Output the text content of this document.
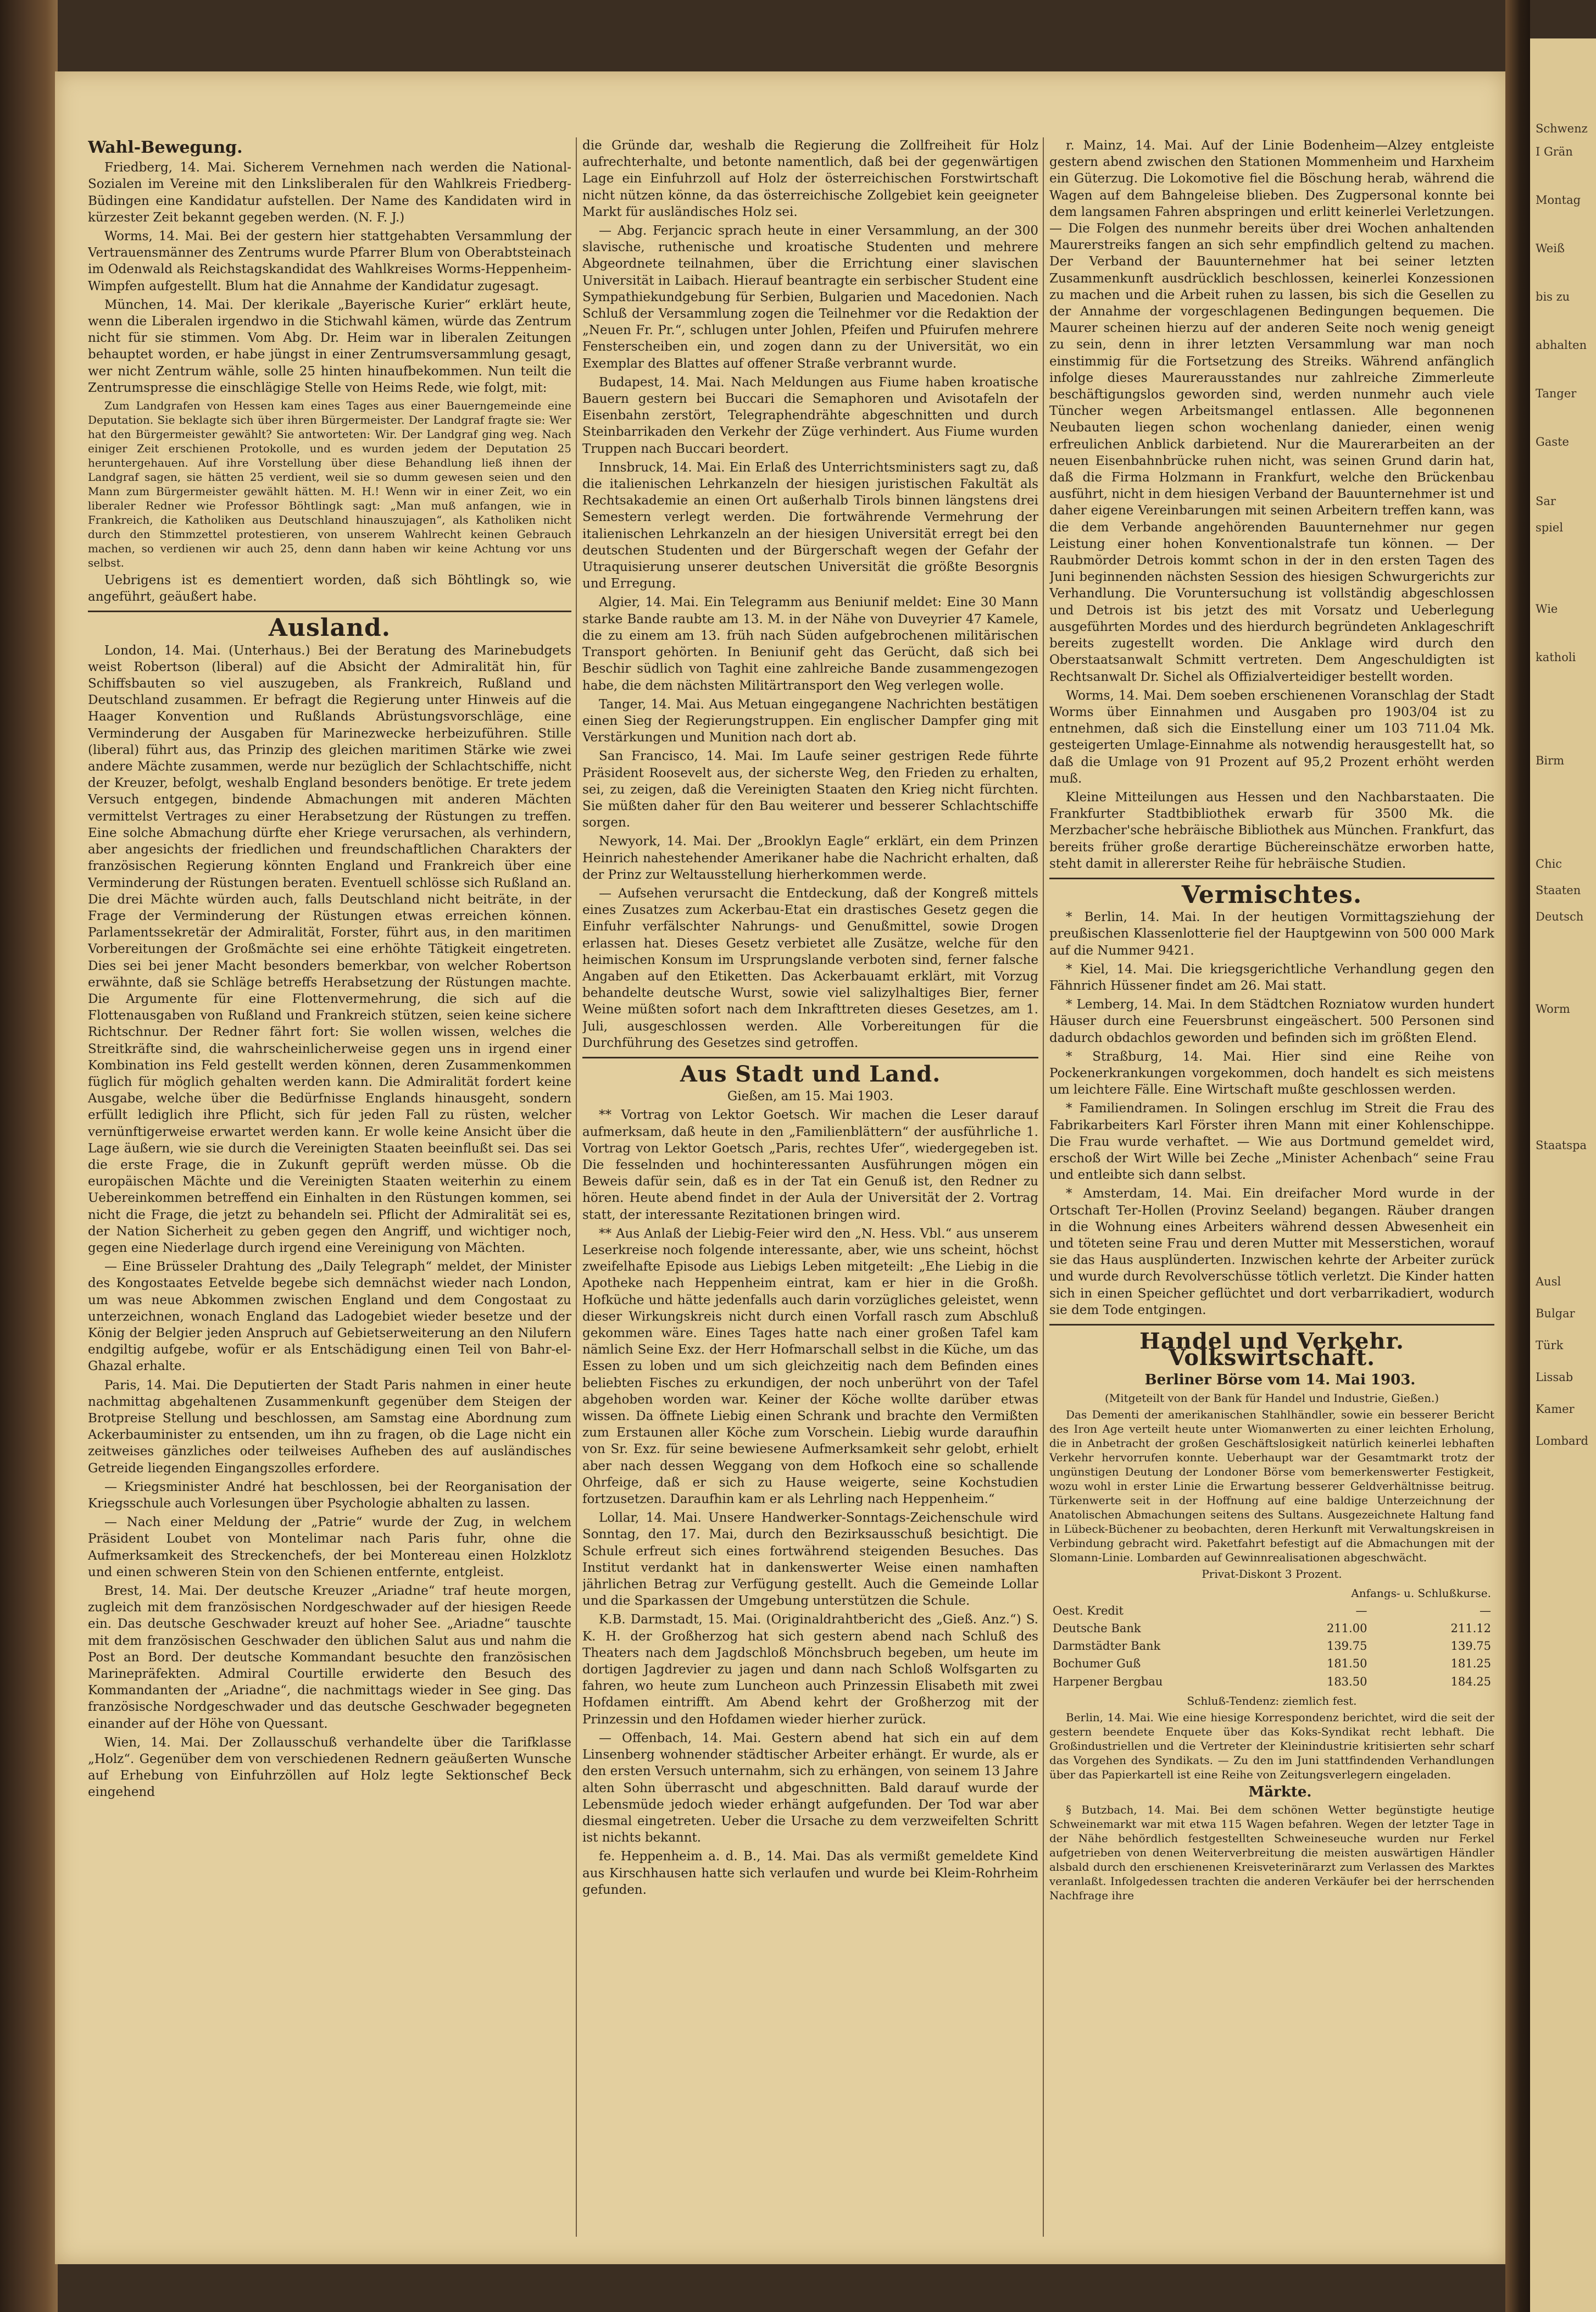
Wahl-Bewegung.

Friedberg, 14. Mai. Sicherem Vernehmen nach werden die National-Sozialen im Vereine mit den Linksliberalen für den Wahlkreis Friedberg-Büdingen eine Kandidatur aufstellen. Der Name des Kandidaten wird in kürzester Zeit bekannt gegeben werden. (N. F. J.)

Worms, 14. Mai. Bei der gestern hier stattgehabten Versammlung der Vertrauensmänner des Zentrums wurde Pfarrer Blum von Oberabtsteinach im Odenwald als Reichstagskandidat des Wahlkreises Worms-Heppenheim-Wimpfen aufgestellt. Blum hat die Annahme der Kandidatur zugesagt.

München, 14. Mai. Der klerikale „Bayerische Kurier“ erklärt heute, wenn die Liberalen irgendwo in die Stichwahl kämen, würde das Zentrum nicht für sie stimmen. Vom Abg. Dr. Heim war in liberalen Zeitungen behauptet worden, er habe jüngst in einer Zentrumsversammlung gesagt, wer nicht Zentrum wähle, solle 25 hinten hinaufbekommen. Nun teilt die Zentrumspresse die einschlägige Stelle von Heims Rede, wie folgt, mit:

Zum Landgrafen von Hessen kam eines Tages aus einer Bauerngemeinde eine Deputation. Sie beklagte sich über ihren Bürgermeister. Der Landgraf fragte sie: Wer hat den Bürgermeister gewählt? Sie antworteten: Wir. Der Landgraf ging weg. Nach einiger Zeit erschienen Protokolle, und es wurden jedem der Deputation 25 heruntergehauen. Auf ihre Vorstellung über diese Behandlung ließ ihnen der Landgraf sagen, sie hätten 25 verdient, weil sie so dumm gewesen seien und den Mann zum Bürgermeister gewählt hätten. M. H.! Wenn wir in einer Zeit, wo ein liberaler Redner wie Professor Böhtlingk sagt: „Man muß anfangen, wie in Frankreich, die Katholiken aus Deutschland hinauszujagen“, als Katholiken nicht durch den Stimmzettel protestieren, von unserem Wahlrecht keinen Gebrauch machen, so verdienen wir auch 25, denn dann haben wir keine Achtung vor uns selbst.

Uebrigens ist es dementiert worden, daß sich Böhtlingk so, wie angeführt, geäußert habe.

Ausland.

London, 14. Mai. (Unterhaus.) Bei der Beratung des Marinebudgets weist Robertson (liberal) auf die Absicht der Admiralität hin, für Schiffsbauten so viel auszugeben, als Frankreich, Rußland und Deutschland zusammen. Er befragt die Regierung unter Hinweis auf die Haager Konvention und Rußlands Abrüstungsvorschläge, eine Verminderung der Ausgaben für Marinezwecke herbeizuführen. Stille (liberal) führt aus, das Prinzip des gleichen maritimen Stärke wie zwei andere Mächte zusammen, werde nur bezüglich der Schlachtschiffe, nicht der Kreuzer, befolgt, weshalb England besonders benötige. Er trete jedem Versuch entgegen, bindende Abmachungen mit anderen Mächten vermittelst Vertrages zu einer Herabsetzung der Rüstungen zu treffen. Eine solche Abmachung dürfte eher Kriege verursachen, als verhindern, aber angesichts der friedlichen und freundschaftlichen Charakters der französischen Regierung könnten England und Frankreich über eine Verminderung der Rüstungen beraten. Eventuell schlösse sich Rußland an. Die drei Mächte würden auch, falls Deutschland nicht beiträte, in der Frage der Verminderung der Rüstungen etwas erreichen können. Parlamentssekretär der Admiralität, Forster, führt aus, in den maritimen Vorbereitungen der Großmächte sei eine erhöhte Tätigkeit eingetreten. Dies sei bei jener Macht besonders bemerkbar, von welcher Robertson erwähnte, daß sie Schläge betreffs Herabsetzung der Rüstungen machte. Die Argumente für eine Flottenvermehrung, die sich auf die Flottenausgaben von Rußland und Frankreich stützen, seien keine sichere Richtschnur. Der Redner fährt fort: Sie wollen wissen, welches die Streitkräfte sind, die wahrscheinlicherweise gegen uns in irgend einer Kombination ins Feld gestellt werden können, deren Zusammenkommen füglich für möglich gehalten werden kann. Die Admiralität fordert keine Ausgabe, welche über die Bedürfnisse Englands hinausgeht, sondern erfüllt lediglich ihre Pflicht, sich für jeden Fall zu rüsten, welcher vernünftigerweise erwartet werden kann. Er wolle keine Ansicht über die Lage äußern, wie sie durch die Vereinigten Staaten beeinflußt sei. Das sei die erste Frage, die in Zukunft geprüft werden müsse. Ob die europäischen Mächte und die Vereinigten Staaten weiterhin zu einem Uebereinkommen betreffend ein Einhalten in den Rüstungen kommen, sei nicht die Frage, die jetzt zu behandeln sei. Pflicht der Admiralität sei es, der Nation Sicherheit zu geben gegen den Angriff, und wichtiger noch, gegen eine Niederlage durch irgend eine Vereinigung von Mächten.

— Eine Brüsseler Drahtung des „Daily Telegraph“ meldet, der Minister des Kongostaates Eetvelde begebe sich demnächst wieder nach London, um was neue Abkommen zwischen England und dem Congostaat zu unterzeichnen, wonach England das Ladogebiet wieder besetze und der König der Belgier jeden Anspruch auf Gebietserweiterung an den Nilufern endgiltig aufgebe, wofür er als Entschädigung einen Teil von Bahr-el-Ghazal erhalte.

Paris, 14. Mai. Die Deputierten der Stadt Paris nahmen in einer heute nachmittag abgehaltenen Zusammenkunft gegenüber dem Steigen der Brotpreise Stellung und beschlossen, am Samstag eine Abordnung zum Ackerbauminister zu entsenden, um ihn zu fragen, ob die Lage nicht ein zeitweises gänzliches oder teilweises Aufheben des auf ausländisches Getreide liegenden Eingangszolles erfordere.

— Kriegsminister André hat beschlossen, bei der Reorganisation der Kriegsschule auch Vorlesungen über Psychologie abhalten zu lassen.

— Nach einer Meldung der „Patrie“ wurde der Zug, in welchem Präsident Loubet von Montelimar nach Paris fuhr, ohne die Aufmerksamkeit des Streckenchefs, der bei Montereau einen Holzklotz und einen schweren Stein von den Schienen entfernte, entgleist.

Brest, 14. Mai. Der deutsche Kreuzer „Ariadne“ traf heute morgen, zugleich mit dem französischen Nordgeschwader auf der hiesigen Reede ein. Das deutsche Geschwader kreuzt auf hoher See. „Ariadne“ tauschte mit dem französischen Geschwader den üblichen Salut aus und nahm die Post an Bord. Der deutsche Kommandant besuchte den französischen Marinepräfekten. Admiral Courtille erwiderte den Besuch des Kommandanten der „Ariadne“, die nachmittags wieder in See ging. Das französische Nordgeschwader und das deutsche Geschwader begegneten einander auf der Höhe von Quessant.

Wien, 14. Mai. Der Zollausschuß verhandelte über die Tarifklasse „Holz“. Gegenüber dem von verschiedenen Rednern geäußerten Wunsche auf Erhebung von Einfuhrzöllen auf Holz legte Sektionschef Beck eingehend

die Gründe dar, weshalb die Regierung die Zollfreiheit für Holz aufrechterhalte, und betonte namentlich, daß bei der gegenwärtigen Lage ein Einfuhrzoll auf Holz der österreichischen Forstwirtschaft nicht nützen könne, da das österreichische Zollgebiet kein geeigneter Markt für ausländisches Holz sei.

— Abg. Ferjancic sprach heute in einer Versammlung, an der 300 slavische, ruthenische und kroatische Studenten und mehrere Abgeordnete teilnahmen, über die Errichtung einer slavischen Universität in Laibach. Hierauf beantragte ein serbischer Student eine Sympathiekundgebung für Serbien, Bulgarien und Macedonien. Nach Schluß der Versammlung zogen die Teilnehmer vor die Redaktion der „Neuen Fr. Pr.“, schlugen unter Johlen, Pfeifen und Pfuirufen mehrere Fensterscheiben ein, und zogen dann zu der Universität, wo ein Exemplar des Blattes auf offener Straße verbrannt wurde.

Budapest, 14. Mai. Nach Meldungen aus Fiume haben kroatische Bauern gestern bei Buccari die Semaphoren und Avisotafeln der Eisenbahn zerstört, Telegraphendrähte abgeschnitten und durch Steinbarrikaden den Verkehr der Züge verhindert. Aus Fiume wurden Truppen nach Buccari beordert.

Innsbruck, 14. Mai. Ein Erlaß des Unterrichtsministers sagt zu, daß die italienischen Lehrkanzeln der hiesigen juristischen Fakultät als Rechtsakademie an einen Ort außerhalb Tirols binnen längstens drei Semestern verlegt werden. Die fortwährende Vermehrung der italienischen Lehrkanzeln an der hiesigen Universität erregt bei den deutschen Studenten und der Bürgerschaft wegen der Gefahr der Utraquisierung unserer deutschen Universität die größte Besorgnis und Erregung.

Algier, 14. Mai. Ein Telegramm aus Beniunif meldet: Eine 30 Mann starke Bande raubte am 13. M. in der Nähe von Duveyrier 47 Kamele, die zu einem am 13. früh nach Süden aufgebrochenen militärischen Transport gehörten. In Beniunif geht das Gerücht, daß sich bei Beschir südlich von Taghit eine zahlreiche Bande zusammengezogen habe, die dem nächsten Militärtransport den Weg verlegen wolle.

Tanger, 14. Mai. Aus Metuan eingegangene Nachrichten bestätigen einen Sieg der Regierungstruppen. Ein englischer Dampfer ging mit Verstärkungen und Munition nach dort ab.

San Francisco, 14. Mai. Im Laufe seiner gestrigen Rede führte Präsident Roosevelt aus, der sicherste Weg, den Frieden zu erhalten, sei, zu zeigen, daß die Vereinigten Staaten den Krieg nicht fürchten. Sie müßten daher für den Bau weiterer und besserer Schlachtschiffe sorgen.

Newyork, 14. Mai. Der „Brooklyn Eagle“ erklärt, ein dem Prinzen Heinrich nahestehender Amerikaner habe die Nachricht erhalten, daß der Prinz zur Weltausstellung hierherkommen werde.

— Aufsehen verursacht die Entdeckung, daß der Kongreß mittels eines Zusatzes zum Ackerbau-Etat ein drastisches Gesetz gegen die Einfuhr verfälschter Nahrungs- und Genußmittel, sowie Drogen erlassen hat. Dieses Gesetz verbietet alle Zusätze, welche für den heimischen Konsum im Ursprungslande verboten sind, ferner falsche Angaben auf den Etiketten. Das Ackerbauamt erklärt, mit Vorzug behandelte deutsche Wurst, sowie viel salizylhaltiges Bier, ferner Weine müßten sofort nach dem Inkrafttreten dieses Gesetzes, am 1. Juli, ausgeschlossen werden. Alle Vorbereitungen für die Durchführung des Gesetzes sind getroffen.

Aus Stadt und Land.

Gießen, am 15. Mai 1903.

** Vortrag von Lektor Goetsch. Wir machen die Leser darauf aufmerksam, daß heute in den „Familienblättern“ der ausführliche 1. Vortrag von Lektor Goetsch „Paris, rechtes Ufer“, wiedergegeben ist. Die fesselnden und hochinteressanten Ausführungen mögen ein Beweis dafür sein, daß es in der Tat ein Genuß ist, den Redner zu hören. Heute abend findet in der Aula der Universität der 2. Vortrag statt, der interessante Rezitationen bringen wird.

** Aus Anlaß der Liebig-Feier wird den „N. Hess. Vbl.“ aus unserem Leserkreise noch folgende interessante, aber, wie uns scheint, höchst zweifelhafte Episode aus Liebigs Leben mitgeteilt: „Ehe Liebig in die Apotheke nach Heppenheim eintrat, kam er hier in die Großh. Hofküche und hätte jedenfalls auch darin vorzügliches geleistet, wenn dieser Wirkungskreis nicht durch einen Vorfall rasch zum Abschluß gekommen wäre. Eines Tages hatte nach einer großen Tafel kam nämlich Seine Exz. der Herr Hofmarschall selbst in die Küche, um das Essen zu loben und um sich gleichzeitig nach dem Befinden eines beliebten Fisches zu erkundigen, der noch unberührt von der Tafel abgehoben worden war. Keiner der Köche wollte darüber etwas wissen. Da öffnete Liebig einen Schrank und brachte den Vermißten zum Erstaunen aller Köche zum Vorschein. Liebig wurde daraufhin von Sr. Exz. für seine bewiesene Aufmerksamkeit sehr gelobt, erhielt aber nach dessen Weggang von dem Hofkoch eine so schallende Ohrfeige, daß er sich zu Hause weigerte, seine Kochstudien fortzusetzen. Daraufhin kam er als Lehrling nach Heppenheim.“

Lollar, 14. Mai. Unsere Handwerker-Sonntags-Zeichenschule wird Sonntag, den 17. Mai, durch den Bezirksausschuß besichtigt. Die Schule erfreut sich eines fortwährend steigenden Besuches. Das Institut verdankt hat in dankenswerter Weise einen namhaften jährlichen Betrag zur Verfügung gestellt. Auch die Gemeinde Lollar und die Sparkassen der Umgebung unterstützen die Schule.

K.B. Darmstadt, 15. Mai. (Originaldrahtbericht des „Gieß. Anz.“) S. K. H. der Großherzog hat sich gestern abend nach Schluß des Theaters nach dem Jagdschloß Mönchsbruch begeben, um heute im dortigen Jagdrevier zu jagen und dann nach Schloß Wolfsgarten zu fahren, wo heute zum Luncheon auch Prinzessin Elisabeth mit zwei Hofdamen eintrifft. Am Abend kehrt der Großherzog mit der Prinzessin und den Hofdamen wieder hierher zurück.

— Offenbach, 14. Mai. Gestern abend hat sich ein auf dem Linsenberg wohnender städtischer Arbeiter erhängt. Er wurde, als er den ersten Versuch unternahm, sich zu erhängen, von seinem 13 Jahre alten Sohn überrascht und abgeschnitten. Bald darauf wurde der Lebensmüde jedoch wieder erhängt aufgefunden. Der Tod war aber diesmal eingetreten. Ueber die Ursache zu dem verzweifelten Schritt ist nichts bekannt.

fe. Heppenheim a. d. B., 14. Mai. Das als vermißt gemeldete Kind aus Kirschhausen hatte sich verlaufen und wurde bei Kleim-Rohrheim gefunden.

r. Mainz, 14. Mai. Auf der Linie Bodenheim—Alzey entgleiste gestern abend zwischen den Stationen Mommenheim und Harxheim ein Güterzug. Die Lokomotive fiel die Böschung herab, während die Wagen auf dem Bahngeleise blieben. Des Zugpersonal konnte bei dem langsamen Fahren abspringen und erlitt keinerlei Verletzungen. — Die Folgen des nunmehr bereits über drei Wochen anhaltenden Maurerstreiks fangen an sich sehr empfindlich geltend zu machen. Der Verband der Bauunternehmer hat bei seiner letzten Zusammenkunft ausdrücklich beschlossen, keinerlei Konzessionen zu machen und die Arbeit ruhen zu lassen, bis sich die Gesellen zu der Annahme der vorgeschlagenen Bedingungen bequemen. Die Maurer scheinen hierzu auf der anderen Seite noch wenig geneigt zu sein, denn in ihrer letzten Versammlung war man noch einstimmig für die Fortsetzung des Streiks. Während anfänglich infolge dieses Maurerausstandes nur zahlreiche Zimmerleute beschäftigungslos geworden sind, werden nunmehr auch viele Tüncher wegen Arbeitsmangel entlassen. Alle begonnenen Neubauten liegen schon wochenlang danieder, einen wenig erfreulichen Anblick darbietend. Nur die Maurerarbeiten an der neuen Eisenbahnbrücke ruhen nicht, was seinen Grund darin hat, daß die Firma Holzmann in Frankfurt, welche den Brückenbau ausführt, nicht in dem hiesigen Verband der Bauunternehmer ist und daher eigene Vereinbarungen mit seinen Arbeitern treffen kann, was die dem Verbande angehörenden Bauunternehmer nur gegen Leistung einer hohen Konventionalstrafe tun können. — Der Raubmörder Detrois kommt schon in der in den ersten Tagen des Juni beginnenden nächsten Session des hiesigen Schwurgerichts zur Verhandlung. Die Voruntersuchung ist vollständig abgeschlossen und Detrois ist bis jetzt des mit Vorsatz und Ueberlegung ausgeführten Mordes und des hierdurch begründeten Anklageschrift bereits zugestellt worden. Die Anklage wird durch den Oberstaatsanwalt Schmitt vertreten. Dem Angeschuldigten ist Rechtsanwalt Dr. Sichel als Offizialverteidiger bestellt worden.

Worms, 14. Mai. Dem soeben erschienenen Voranschlag der Stadt Worms über Einnahmen und Ausgaben pro 1903/04 ist zu entnehmen, daß sich die Einstellung einer um 103 711.04 Mk. gesteigerten Umlage-Einnahme als notwendig herausgestellt hat, so daß die Umlage von 91 Prozent auf 95,2 Prozent erhöht werden muß.

Kleine Mitteilungen aus Hessen und den Nachbarstaaten. Die Frankfurter Stadtbibliothek erwarb für 3500 Mk. die Merzbacher'sche hebräische Bibliothek aus München. Frankfurt, das bereits früher große derartige Büchereinschätze erworben hatte, steht damit in allererster Reihe für hebräische Studien.

Vermischtes.

* Berlin, 14. Mai. In der heutigen Vormittagsziehung der preußischen Klassenlotterie fiel der Hauptgewinn von 500 000 Mark auf die Nummer 9421.

* Kiel, 14. Mai. Die kriegsgerichtliche Verhandlung gegen den Fähnrich Hüssener findet am 26. Mai statt.

* Lemberg, 14. Mai. In dem Städtchen Rozniatow wurden hundert Häuser durch eine Feuersbrunst eingeäschert. 500 Personen sind dadurch obdachlos geworden und befinden sich im größten Elend.

* Straßburg, 14. Mai. Hier sind eine Reihe von Pockenerkrankungen vorgekommen, doch handelt es sich meistens um leichtere Fälle. Eine Wirtschaft mußte geschlossen werden.

* Familiendramen. In Solingen erschlug im Streit die Frau des Fabrikarbeiters Karl Förster ihren Mann mit einer Kohlenschippe. Die Frau wurde verhaftet. — Wie aus Dortmund gemeldet wird, erschoß der Wirt Wille bei Zeche „Minister Achenbach“ seine Frau und entleibte sich dann selbst.

* Amsterdam, 14. Mai. Ein dreifacher Mord wurde in der Ortschaft Ter-Hollen (Provinz Seeland) begangen. Räuber drangen in die Wohnung eines Arbeiters während dessen Abwesenheit ein und töteten seine Frau und deren Mutter mit Messerstichen, worauf sie das Haus ausplünderten. Inzwischen kehrte der Arbeiter zurück und wurde durch Revolverschüsse tötlich verletzt. Die Kinder hatten sich in einen Speicher geflüchtet und dort verbarrikadiert, wodurch sie dem Tode entgingen.

Handel und Verkehr. Volkswirtschaft.

Berliner Börse vom 14. Mai 1903.

(Mitgeteilt von der Bank für Handel und Industrie, Gießen.)

Das Dementi der amerikanischen Stahlhändler, sowie ein besserer Bericht des Iron Age verteilt heute unter Wiomanwerten zu einer leichten Erholung, die in Anbetracht der großen Geschäftslosigkeit natürlich keinerlei lebhaften Verkehr hervorrufen konnte. Ueberhaupt war der Gesamtmarkt trotz der ungünstigen Deutung der Londoner Börse vom bemerkenswerter Festigkeit, wozu wohl in erster Linie die Erwartung besserer Geldverhältnisse beitrug. Türkenwerte seit in der Hoffnung auf eine baldige Unterzeichnung der Anatolischen Abmachungen seitens des Sultans. Ausgezeichnete Haltung fand in Lübeck-Büchener zu beobachten, deren Herkunft mit Verwaltungskreisen in Verbindung gebracht wird. Paketfahrt befestigt auf die Abmachungen mit der Slomann-Linie. Lombarden auf Gewinnrealisationen abgeschwächt.

Privat-Diskont 3 Prozent.

	Anfangs- u. Schlußkurse.	
Oest. Kredit	—	—
Deutsche Bank	211.00	211.12
Darmstädter Bank	139.75	139.75
Bochumer Guß	181.50	181.25
Harpener Bergbau	183.50	184.25

Schluß-Tendenz: ziemlich fest.

Berlin, 14. Mai. Wie eine hiesige Korrespondenz berichtet, wird die seit der gestern beendete Enquete über das Koks-Syndikat recht lebhaft. Die Großindustriellen und die Vertreter der Kleinindustrie kritisierten sehr scharf das Vorgehen des Syndikats. — Zu den im Juni stattfindenden Verhandlungen über das Papierkartell ist eine Reihe von Zeitungsverlegern eingeladen.

Märkte.

§ Butzbach, 14. Mai. Bei dem schönen Wetter begünstigte heutige Schweinemarkt war mit etwa 115 Wagen befahren. Wegen der letzter Tage in der Nähe behördlich festgestellten Schweineseuche wurden nur Ferkel aufgetrieben von denen Weiterverbreitung die meisten auswärtigen Händler alsbald durch den erschienenen Kreisveterinärarzt zum Verlassen des Marktes veranlaßt. Infolgedessen trachten die anderen Verkäufer bei der herrschenden Nachfrage ihre

Schwenz
I Grän
Montag
Weiß
bis zu
abhalten
Tanger
Gaste
Sar
spiel
Wie
katholi
Birm
Chic
Staaten
Deutsch
Worm
Staatspa
Ausl
Bulgar
Türk
Lissab
Kamer
Lombard
